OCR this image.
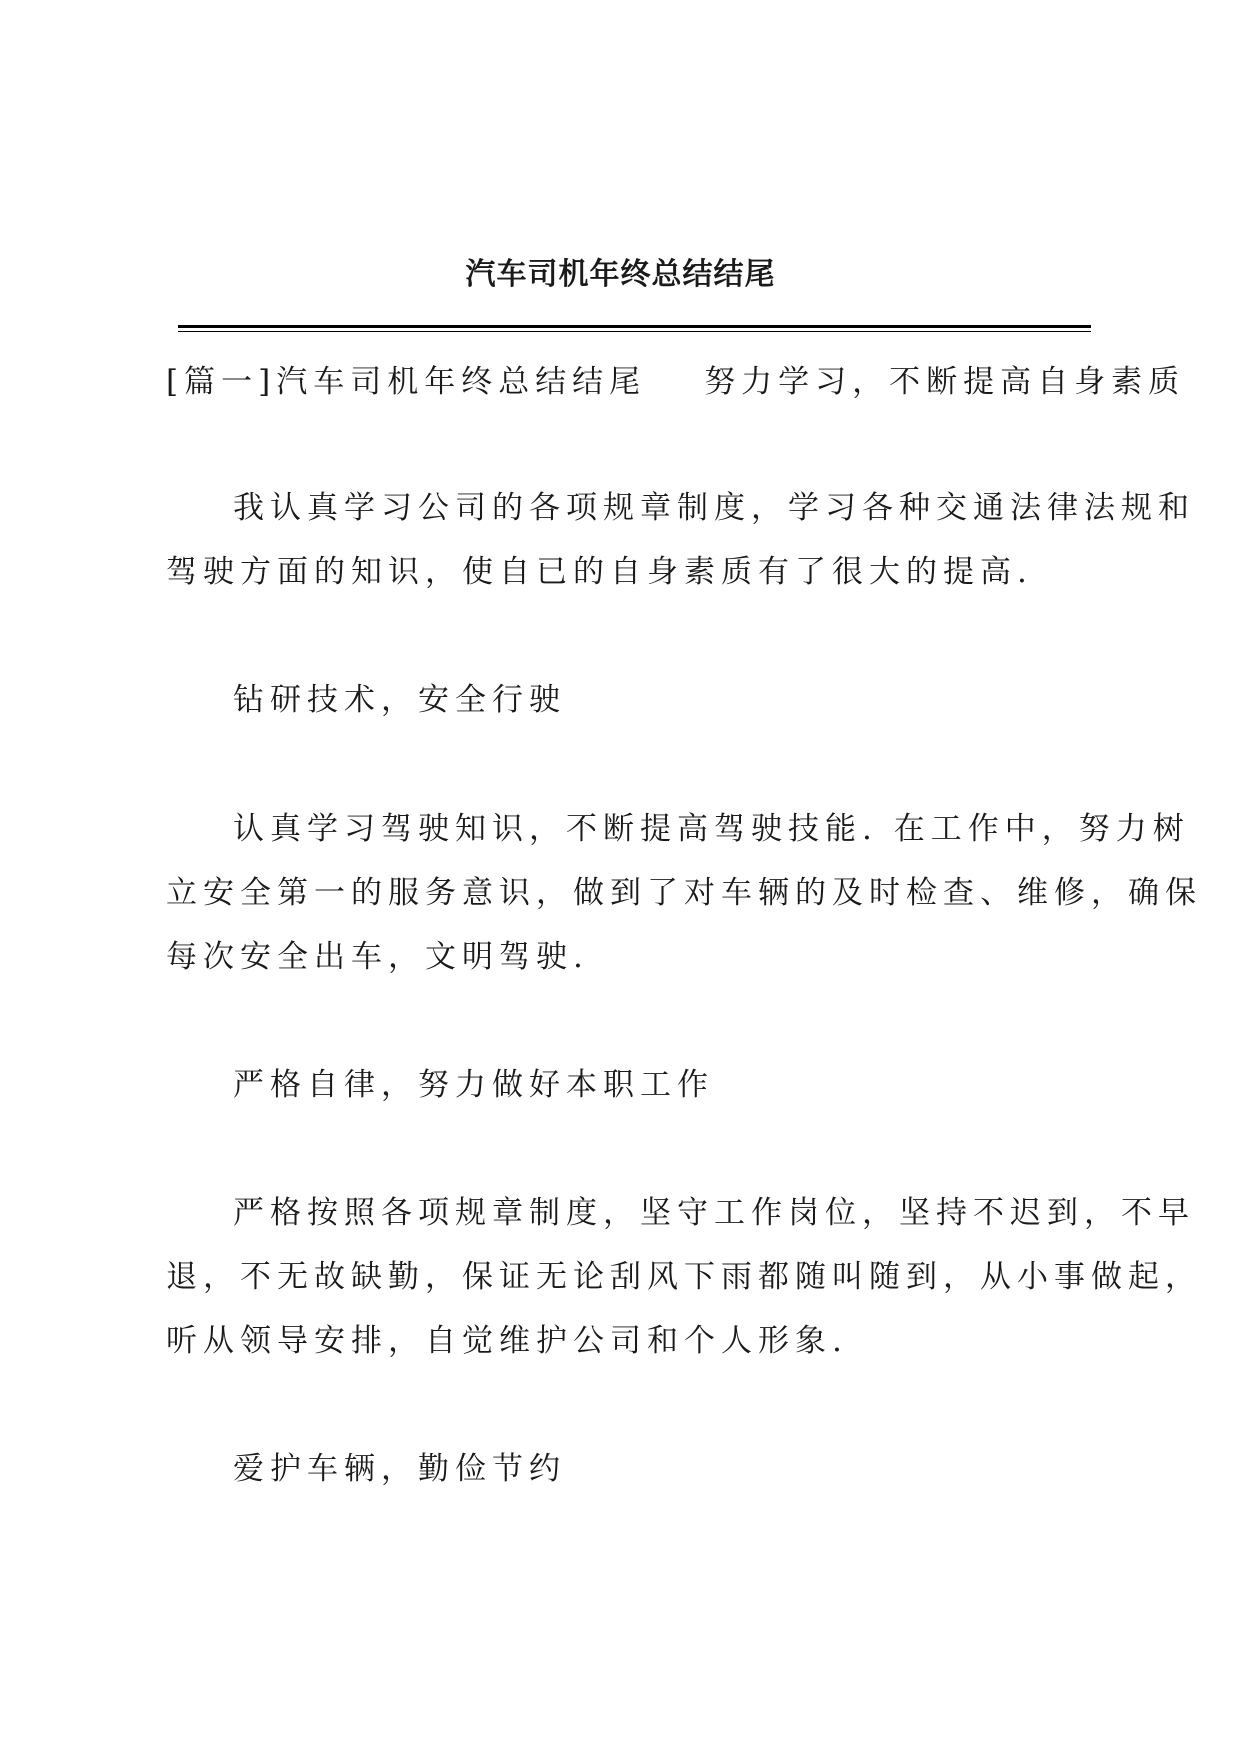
汽车司机年终总结结尾
[篇一]汽车司机年终总结结尾 努力学习，不断提高自身素质
我认真学习公司的各项规章制度，学习各种交通法律法规和
驾驶方面的知识，使自已的自身素质有了很大的提高.
钻研技术，安全行驶
认真学习驾驶知识，不断提高驾驶技能. 在工作中，努力树
立安全第一的服务意识，做到了对车辆的及时检查、维修，确保
每次安全出车，文明驾驶.
严格自律，努力做好本职工作
严格按照各项规章制度，坚守工作岗位，坚持不迟到，不早
退，不无故缺勤，保证无论刮风下雨都随叫随到，从小事做起，
听从领导安排，自觉维护公司和个人形象.
爱护车辆，勤俭节约
